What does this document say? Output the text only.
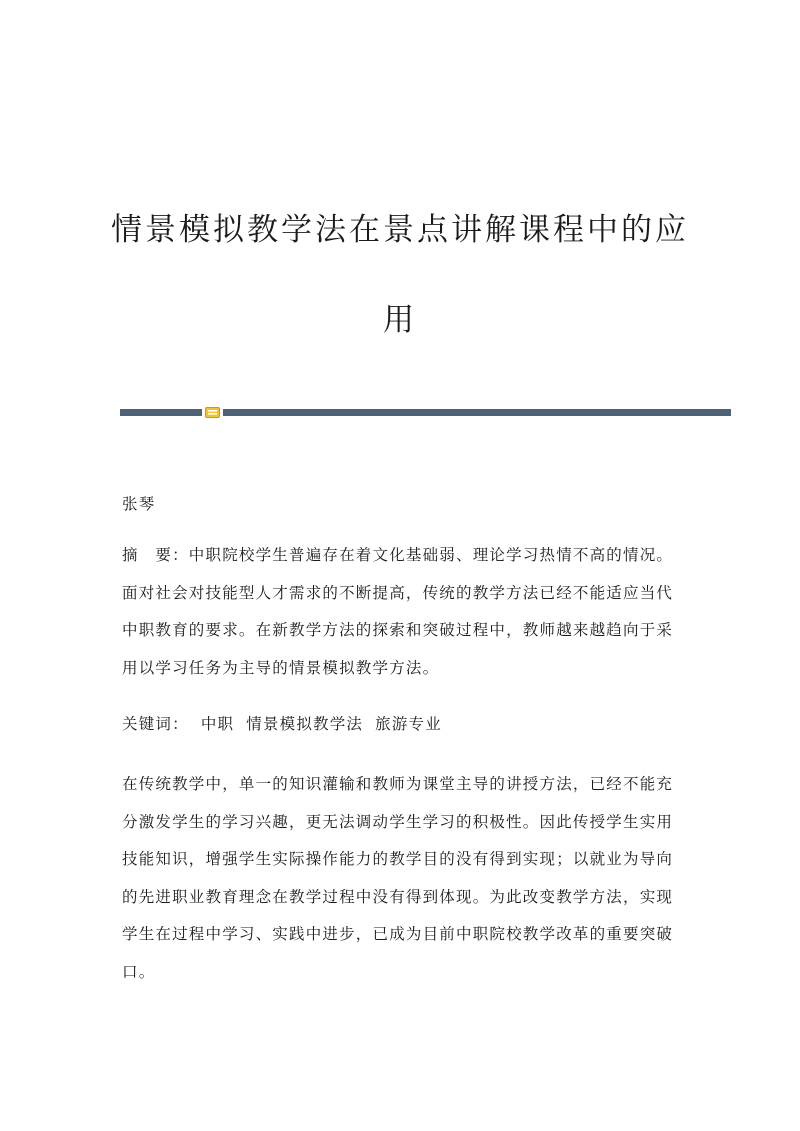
情景模拟教学法在景点讲解课程中的应用

张琴

摘　要：中职院校学生普遍存在着文化基础弱、理论学习热情不高的情况。面对社会对技能型人才需求的不断提高，传统的教学方法已经不能适应当代中职教育的要求。在新教学方法的探索和突破过程中，教师越来越趋向于采用以学习任务为主导的情景模拟教学方法。

关键词： 中职 情景模拟教学法 旅游专业

在传统教学中，单一的知识灌输和教师为课堂主导的讲授方法，已经不能充分激发学生的学习兴趣，更无法调动学生学习的积极性。因此传授学生实用技能知识，增强学生实际操作能力的教学目的没有得到实现；以就业为导向的先进职业教育理念在教学过程中没有得到体现。为此改变教学方法，实现学生在过程中学习、实践中进步，已成为目前中职院校教学改革的重要突破口。
